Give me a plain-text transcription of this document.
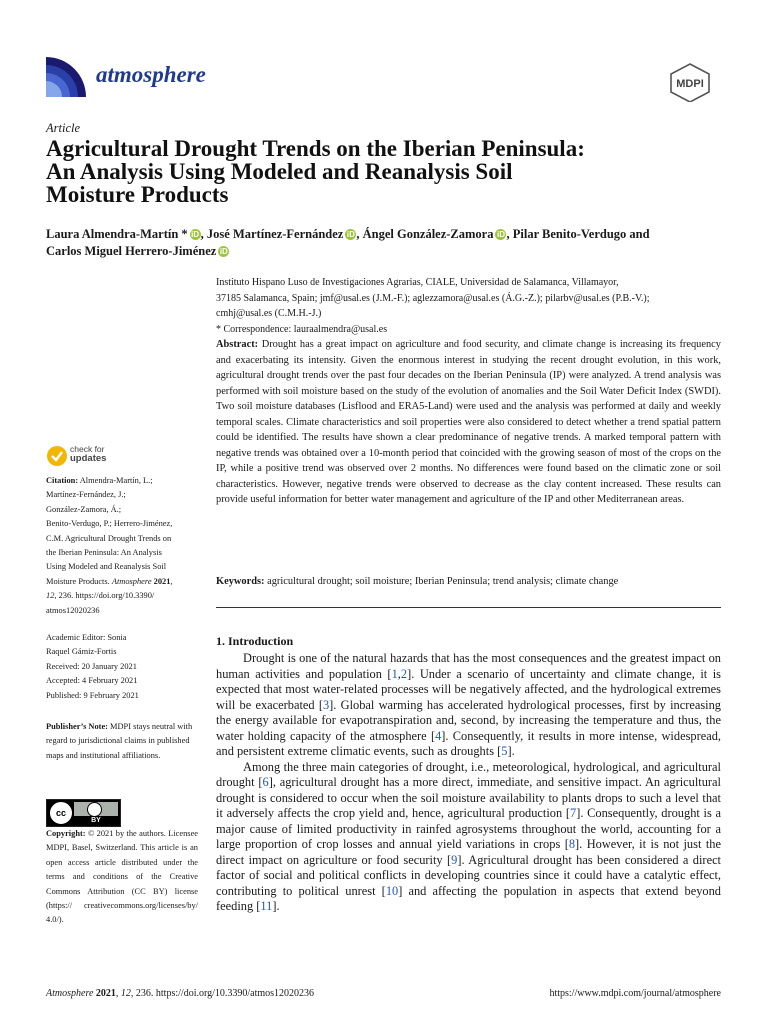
atmosphere	MDPI
Article
Agricultural Drought Trends on the Iberian Peninsula:
An Analysis Using Modeled and Reanalysis Soil
Moisture Products
Laura Almendra-Martín * iD , José Martínez-Fernández iD , Ángel González-Zamora iD , Pilar Benito-Verdugo and
Carlos Miguel Herrero-Jiménez iD
Instituto Hispano Luso de Investigaciones Agrarias, CIALE, Universidad de Salamanca, Villamayor,
37185 Salamanca, Spain; jmf@usal.es (J.M.-F.); aglezzamora@usal.es (Á.G.-Z.); pilarbv@usal.es (P.B.-V.);
cmhj@usal.es (C.M.H.-J.)
* Correspondence: lauraalmendra@usal.es
Abstract: Drought has a great impact on agriculture and food security, and climate change is increasing its frequency and exacerbating its intensity. Given the enormous interest in studying the recent drought evolution, in this work, agricultural drought trends over the past four decades on the Iberian Peninsula (IP) were analyzed. A trend analysis was performed with soil moisture based on the study of the evolution of anomalies and the Soil Water Deficit Index (SWDI). Two soil moisture databases (Lisflood and ERA5-Land) were used and the analysis was performed at daily and weekly temporal scales. Climate characteristics and soil properties were also considered to detect whether a trend spatial pattern could be identified. The results have shown a clear predominance of negative trends. A marked temporal pattern with negative trends was obtained over a 10-month period that coincided with the growing season of most of the crops on the IP, while a positive trend was observed over 2 months. No differences were found based on the climatic zone or soil characteristics. However, negative trends were observed to decrease as the clay content increased. These results can provide useful information for better water management and agriculture of the IP and other Mediterranean areas.
Keywords: agricultural drought; soil moisture; Iberian Peninsula; trend analysis; climate change
check for
updates
Citation: Almendra-Martín, L.;
Martínez-Fernández, J.;
González-Zamora, Á.;
Benito-Verdugo, P.; Herrero-Jiménez,
C.M. Agricultural Drought Trends on
the Iberian Peninsula: An Analysis
Using Modeled and Reanalysis Soil
Moisture Products. Atmosphere 2021,
12, 236. https://doi.org/10.3390/
atmos12020236
Academic Editor: Sonia
Raquel Gámiz-Fortis
Received: 20 January 2021
Accepted: 4 February 2021
Published: 9 February 2021
Publisher’s Note: MDPI stays neutral with regard to jurisdictional claims in published maps and institutional affiliations.
cc
BY
Copyright: © 2021 by the authors. Licensee MDPI, Basel, Switzerland. This article is an open access article distributed under the terms and conditions of the Creative Commons Attribution (CC BY) license (https:// creativecommons.org/licenses/by/ 4.0/).
1. Introduction

Drought is one of the natural hazards that has the most consequences and the greatest impact on human activities and population [1,2]. Under a scenario of uncertainty and climate change, it is expected that most water-related processes will be negatively affected, and the hydrological extremes will be exacerbated [3]. Global warming has accelerated hydrological processes, first by increasing the energy available for evapotranspiration and, second, by increasing the temperature and thus, the water holding capacity of the atmosphere [4]. Consequently, it results in more intense, widespread, and persistent extreme climatic events, such as droughts [5].

Among the three main categories of drought, i.e., meteorological, hydrological, and agricultural drought [6], agricultural drought has a more direct, immediate, and sensitive impact. An agricultural drought is considered to occur when the soil moisture availability to plants drops to such a level that it adversely affects the crop yield and, hence, agricultural production [7]. Consequently, drought is a major cause of limited productivity in rainfed agrosystems throughout the world, accounting for a large proportion of crop losses and annual yield variations in crops [8]. However, it is not just the direct impact on agriculture or food security [9]. Agricultural drought has been considered a direct factor of social and political conflicts in developing countries since it could have a catalytic effect, contributing to political unrest [10] and affecting the population in aspects that extend beyond feeding [11].

Atmosphere 2021, 12, 236. https://doi.org/10.3390/atmos12020236	https://www.mdpi.com/journal/atmosphere
